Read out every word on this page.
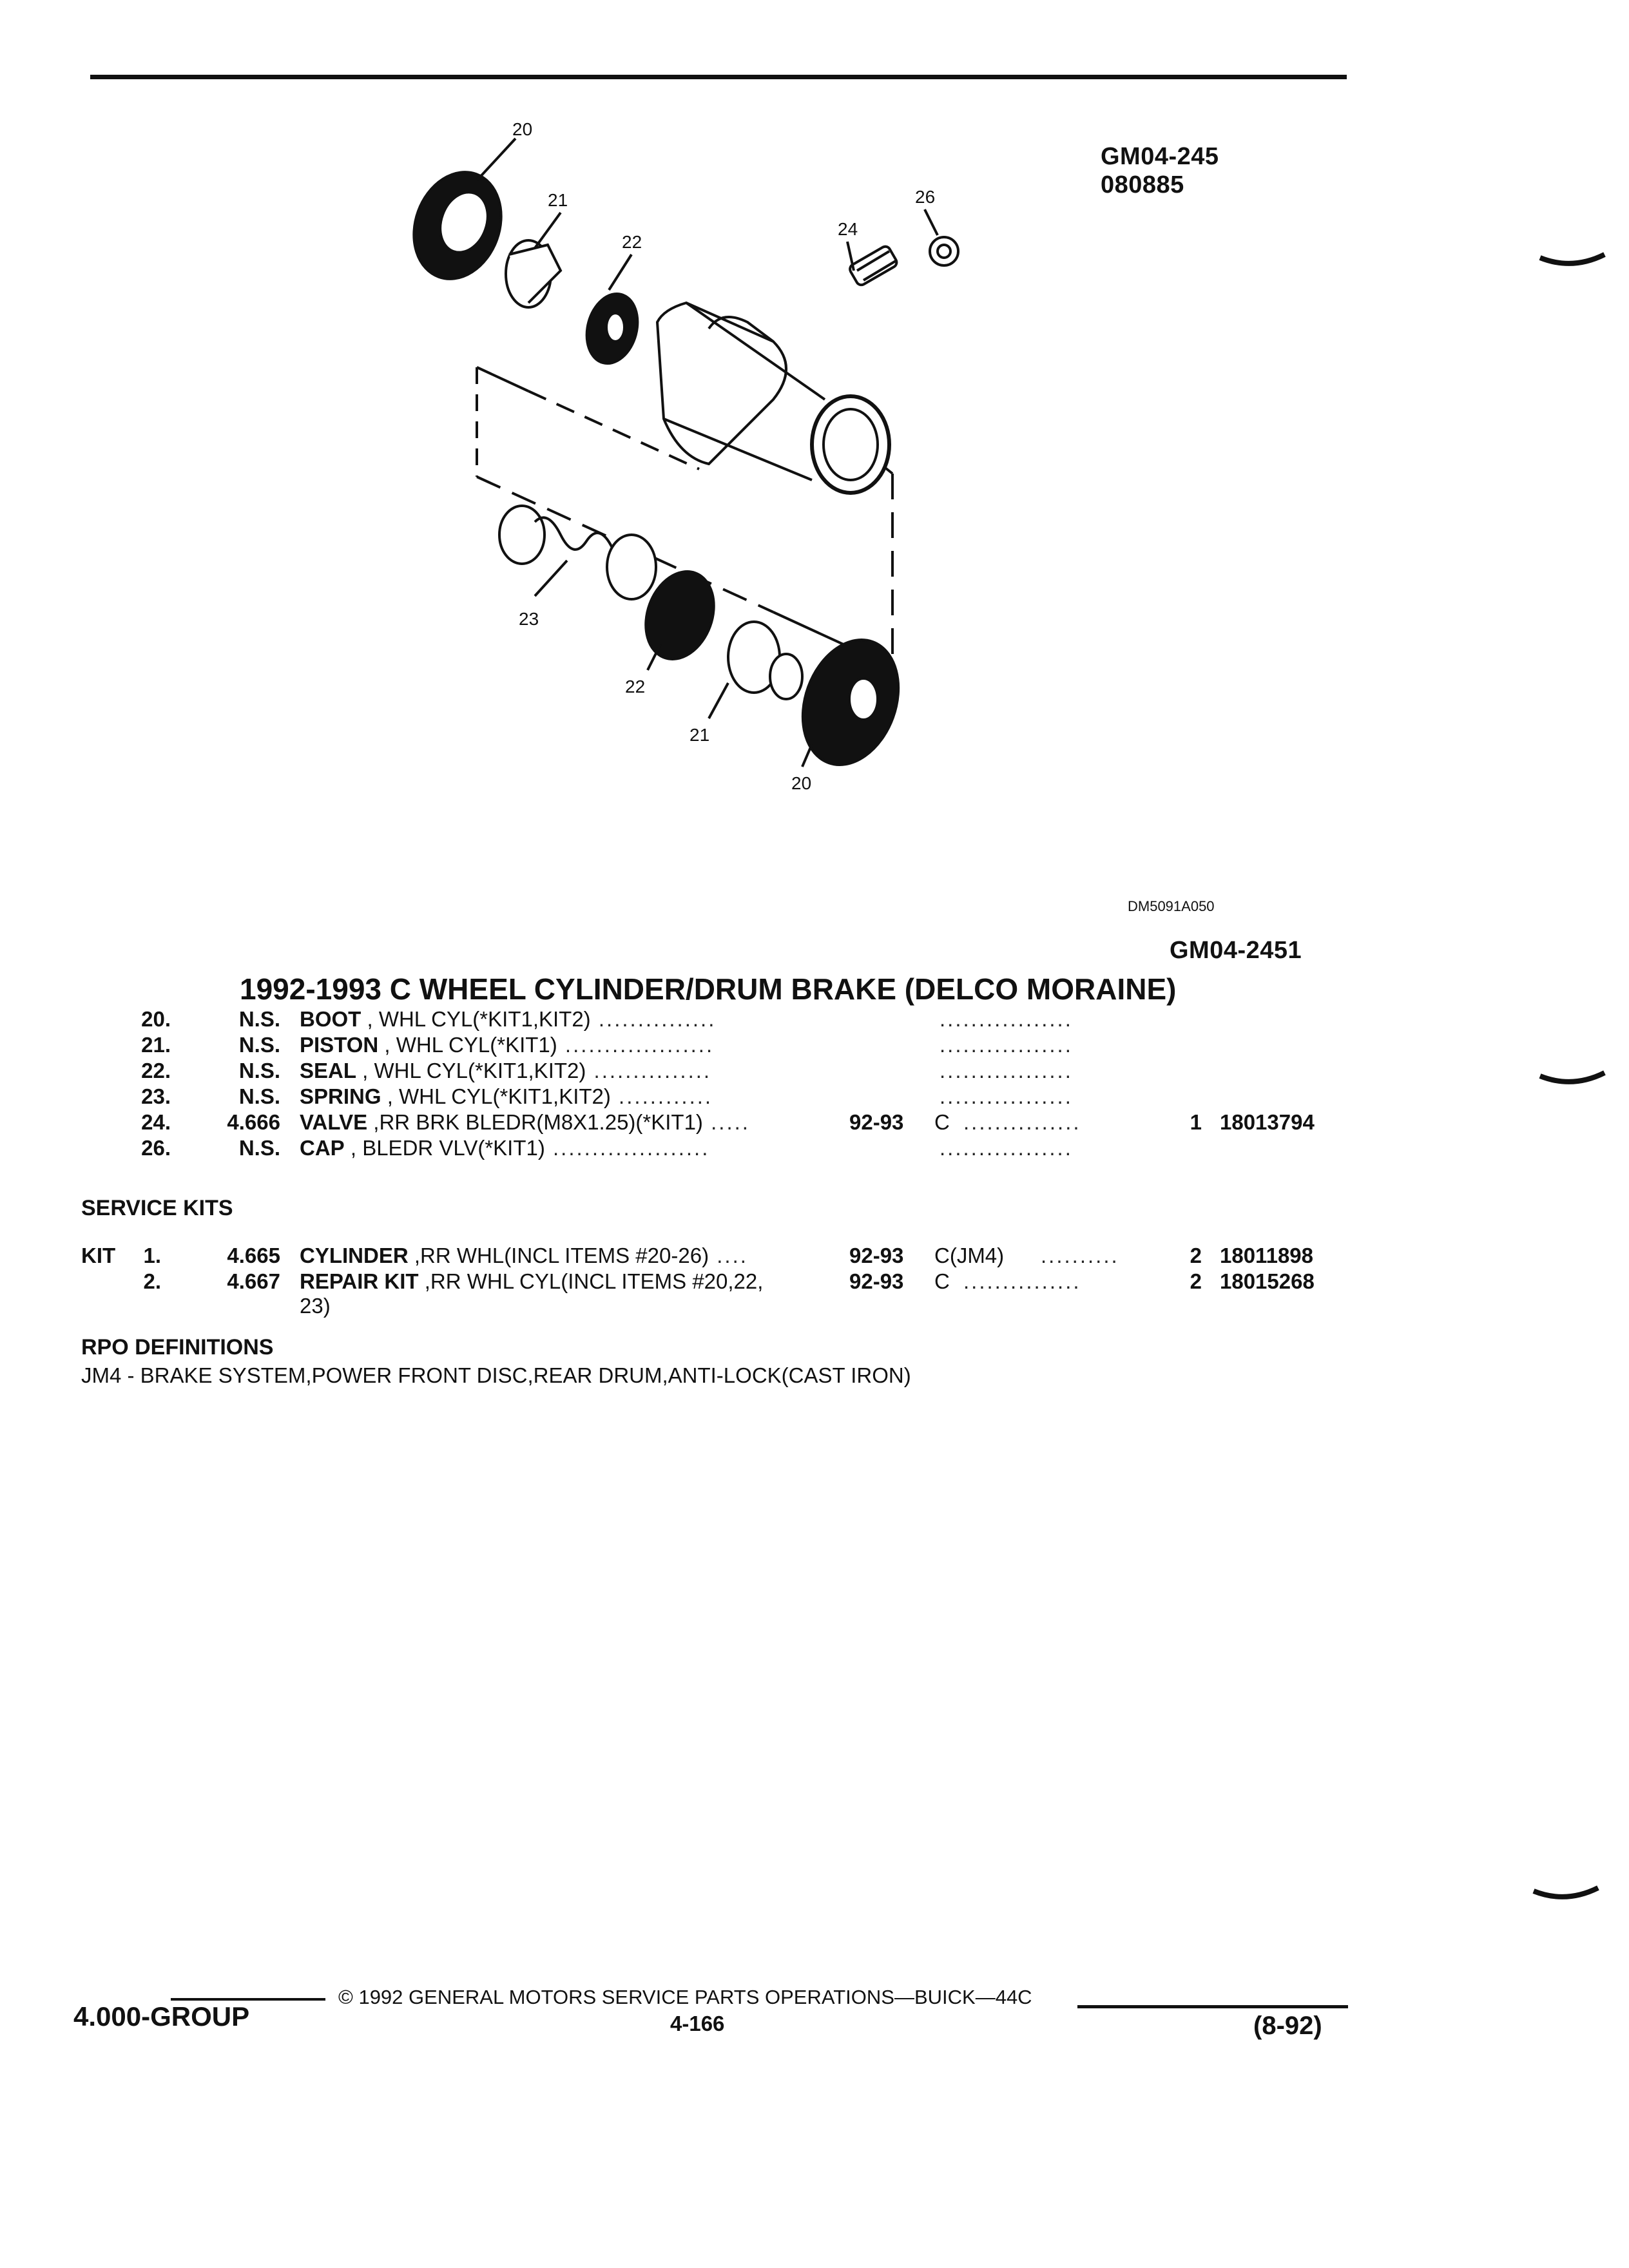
GM04-245
080885
20
21
22
24
26
23
22
21
20
DM5091A050
GM04-2451
1992-1993 C WHEEL CYLINDER/DRUM BRAKE (DELCO MORAINE)
20.	N.S. BOOT , WHL CYL(*KIT1,KIT2) ...............	.................
21.	N.S. PISTON , WHL CYL(*KIT1) ...................	.................
22.	N.S. SEAL , WHL CYL(*KIT1,KIT2) ...............	.................
23.	N.S. SPRING , WHL CYL(*KIT1,KIT2) ............	.................
24.	4.666 VALVE ,RR BRK BLEDR(M8X1.25)(*KIT1) .....	92-93 C ...............	1 18013794
26.	N.S. CAP , BLEDR VLV(*KIT1) ....................	.................
SERVICE KITS
KIT	1.	4.665 CYLINDER ,RR WHL(INCL ITEMS #20-26) ....	92-93 C(JM4) ..........	2 18011898
2.	4.667 REPAIR KIT ,RR WHL CYL(INCL ITEMS #20,22,	92-93 C ...............	2 18015268
23)
RPO DEFINITIONS
JM4 - BRAKE SYSTEM,POWER FRONT DISC,REAR DRUM,ANTI-LOCK(CAST IRON)
4.000-GROUP
© 1992 GENERAL MOTORS SERVICE PARTS OPERATIONS—BUICK—44C
4-166	(8-92)
